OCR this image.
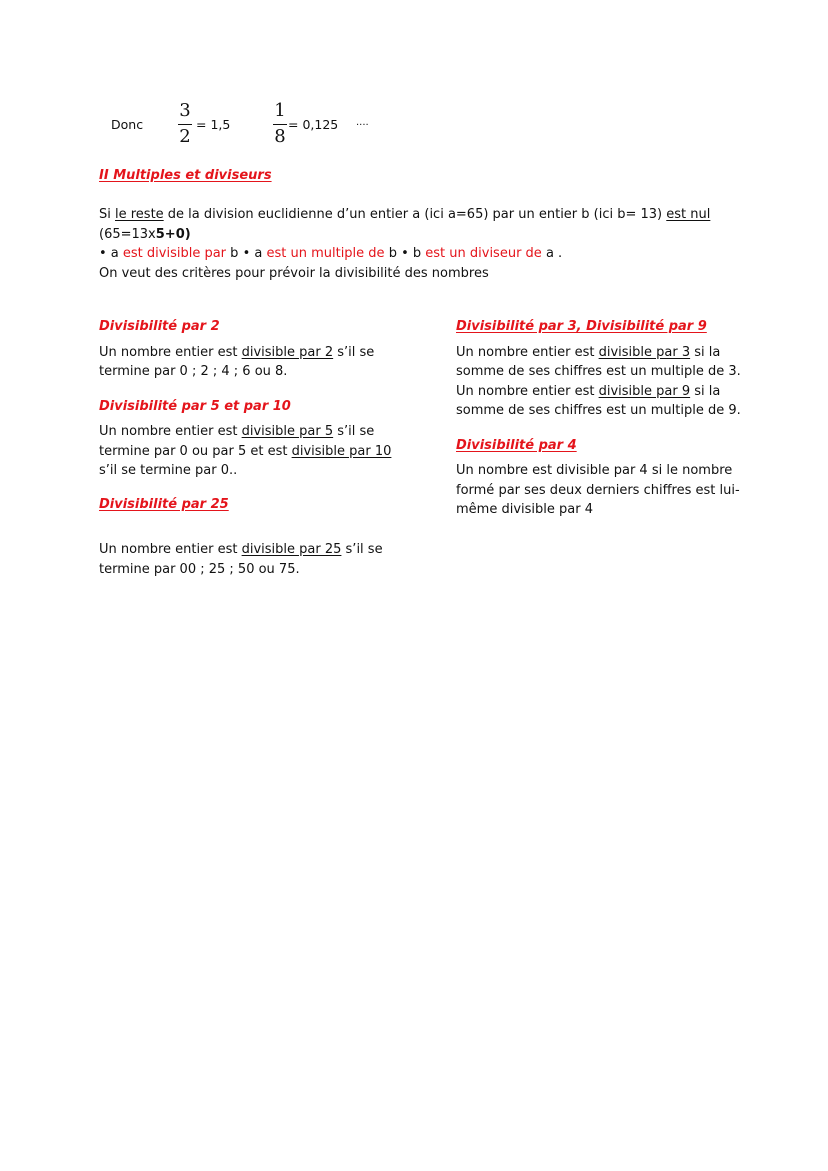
Donc
3
2
= 1,5
1
8
= 0,125 ....
II Multiples et diviseurs
Si le reste de la division euclidienne d’un entier a (ici a=65) par un entier b (ici b= 13) est nul
(65=13x5+0)
• a est divisible par b • a est un multiple de b • b est un diviseur de a .
On veut des critères pour prévoir la divisibilité des nombres
Divisibilité par 2
Un nombre entier est divisible par 2 s’il se
termine par 0 ; 2 ; 4 ; 6 ou 8.
Divisibilité par 5 et par 10
Un nombre entier est divisible par 5 s’il se
termine par 0 ou par 5 et est divisible par 10
s’il se termine par 0..
Divisibilité par 25
Un nombre entier est divisible par 25 s’il se
termine par 00 ; 25 ; 50 ou 75.
Divisibilité par 3, Divisibilité par 9
Un nombre entier est divisible par 3 si la
somme de ses chiffres est un multiple de 3.
Un nombre entier est divisible par 9 si la
somme de ses chiffres est un multiple de 9.
Divisibilité par 4
Un nombre est divisible par 4 si le nombre
formé par ses deux derniers chiffres est lui-
même divisible par 4
